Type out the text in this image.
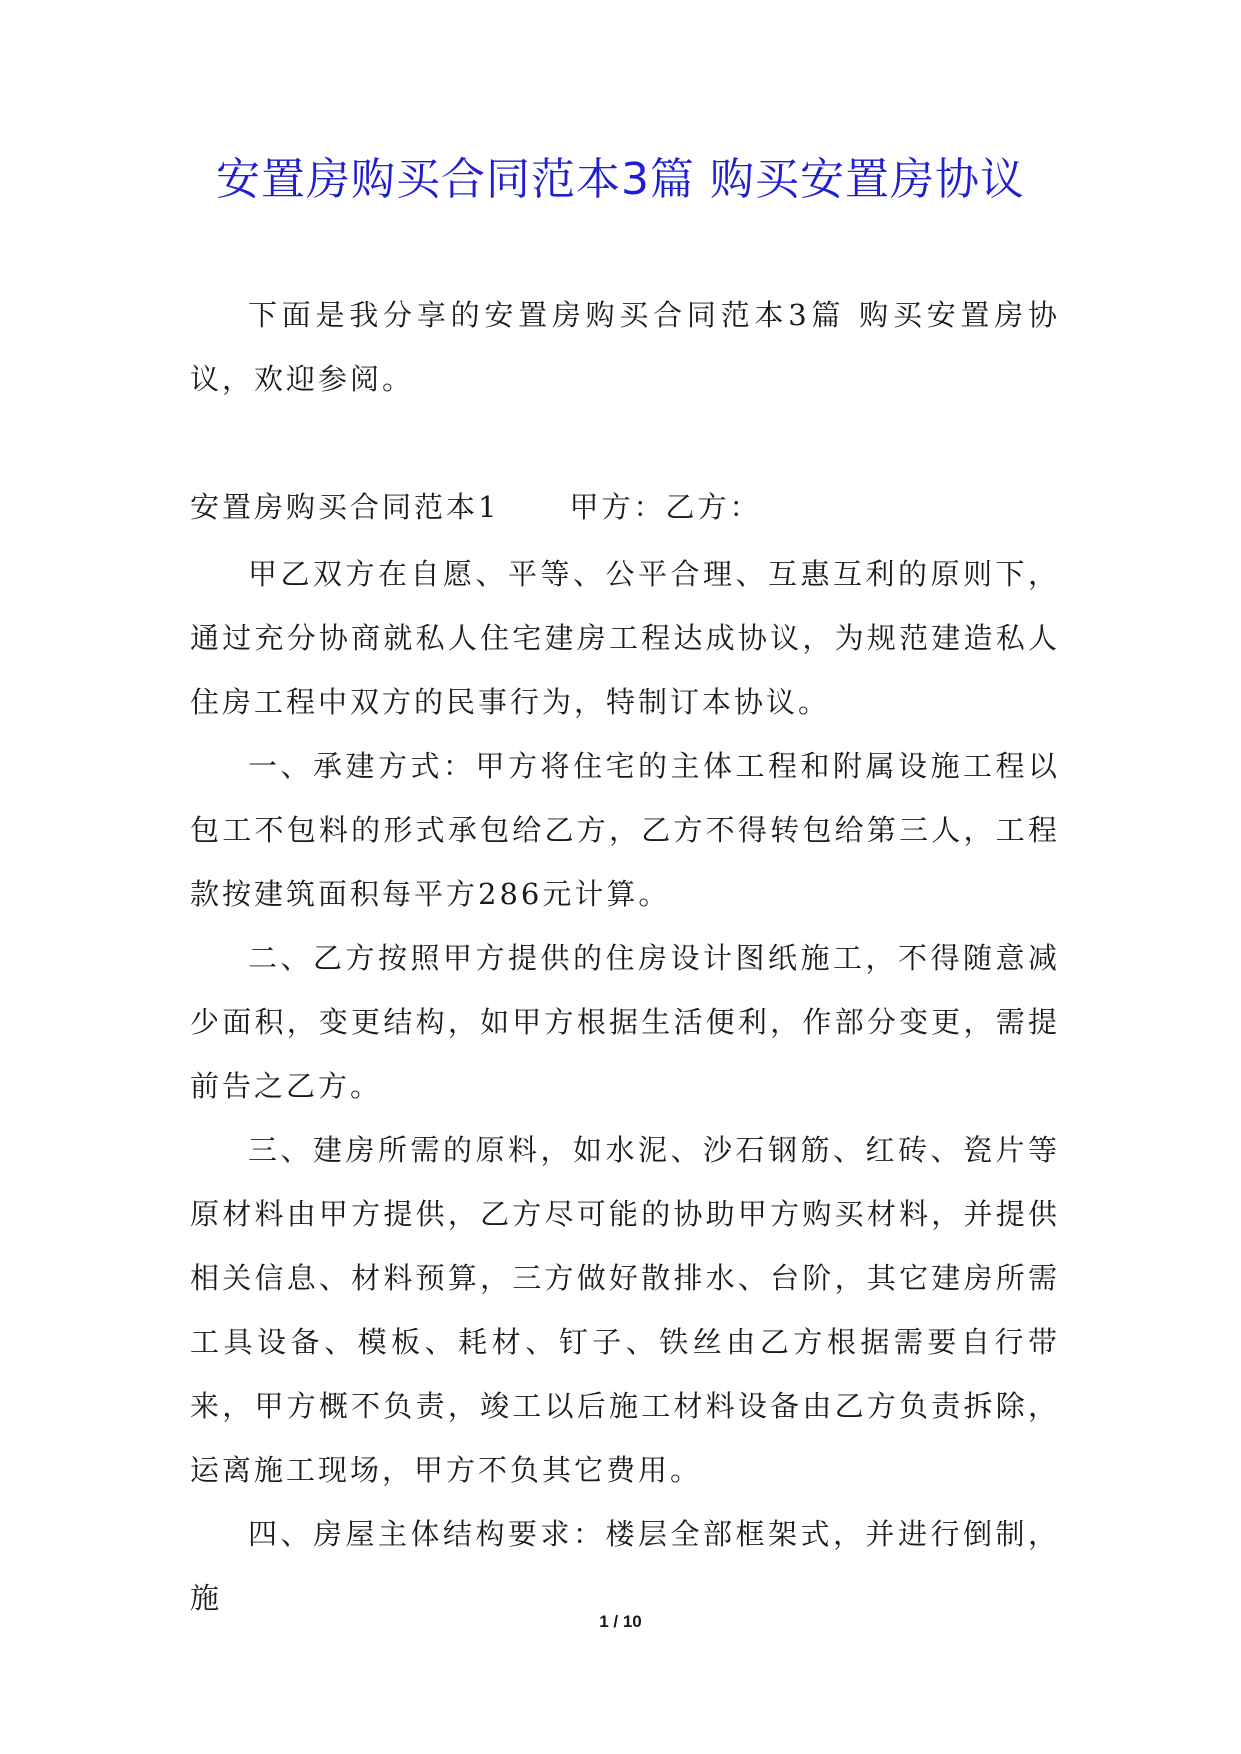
安置房购买合同范本3篇 购买安置房协议

下面是我分享的安置房购买合同范本3篇 购买安置房协议，欢迎参阅。

安置房购买合同范本1 甲方：乙方：

甲乙双方在自愿、平等、公平合理、互惠互利的原则下，通过充分协商就私人住宅建房工程达成协议，为规范建造私人住房工程中双方的民事行为，特制订本协议。

一、承建方式：甲方将住宅的主体工程和附属设施工程以包工不包料的形式承包给乙方，乙方不得转包给第三人，工程款按建筑面积每平方286元计算。

二、乙方按照甲方提供的住房设计图纸施工，不得随意减少面积，变更结构，如甲方根据生活便利，作部分变更，需提前告之乙方。

三、建房所需的原料，如水泥、沙石钢筋、红砖、瓷片等原材料由甲方提供，乙方尽可能的协助甲方购买材料，并提供相关信息、材料预算，三方做好散排水、台阶，其它建房所需工具设备、模板、耗材、钉子、铁丝由乙方根据需要自行带来，甲方概不负责，竣工以后施工材料设备由乙方负责拆除，运离施工现场，甲方不负其它费用。

四、房屋主体结构要求：楼层全部框架式，并进行倒制，施

1 / 10
